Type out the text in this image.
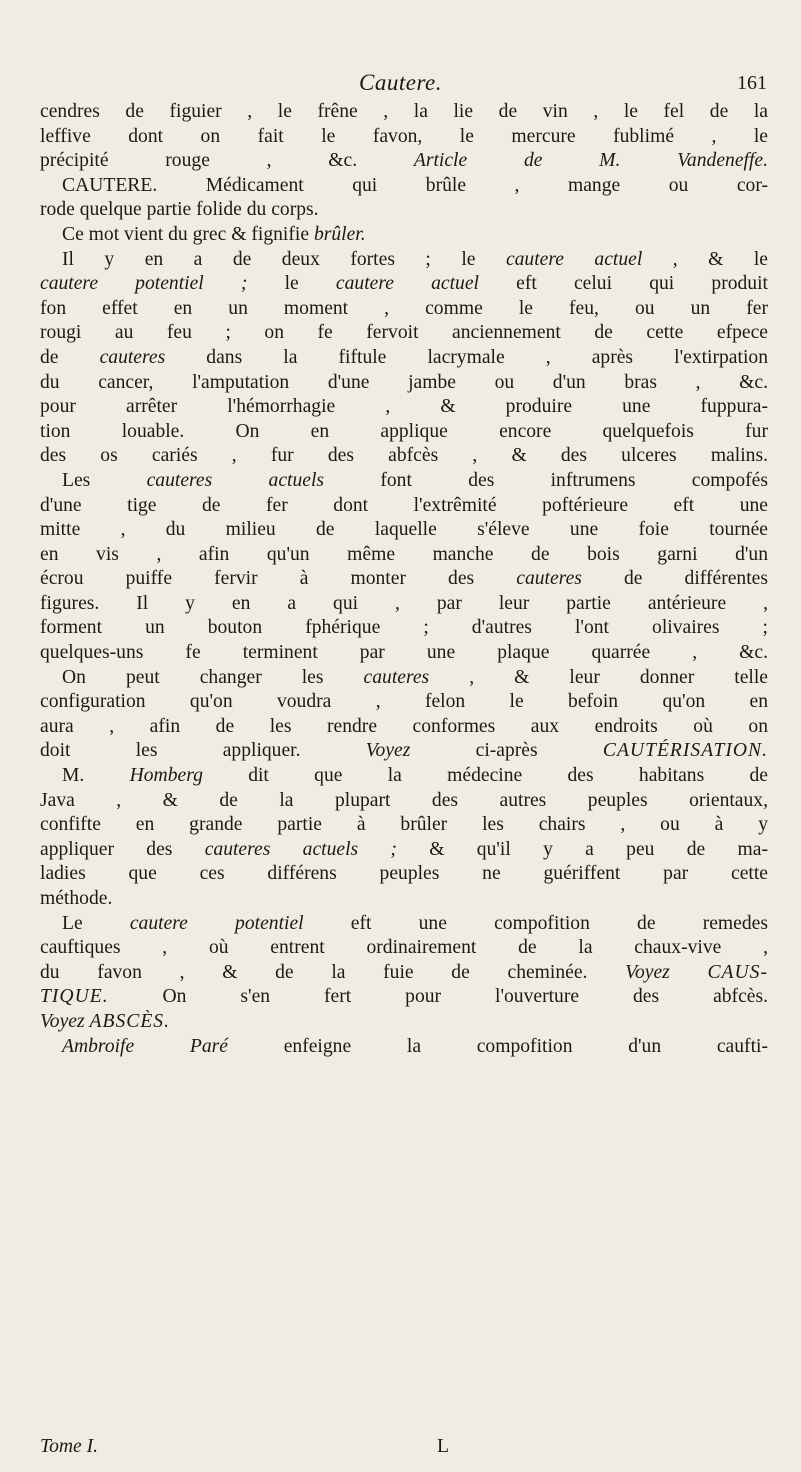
Cautere.	161
cendres de figuier , le frêne , la lie de vin , le fel de la
leffive dont on fait le favon, le mercure fublimé , le
précipité rouge , &c. Article de M. Vandeneffe.
CAUTERE. Médicament qui brûle , mange ou cor-
rode quelque partie folide du corps.
Ce mot vient du grec & fignifie brûler.
Il y en a de deux fortes ; le cautere actuel , & le
cautere potentiel ; le cautere actuel eft celui qui produit
fon effet en un moment , comme le feu, ou un fer
rougi au feu ; on fe fervoit anciennement de cette efpece
de cauteres dans la fiftule lacrymale , après l'extirpation
du cancer, l'amputation d'une jambe ou d'un bras , &c.
pour arrêter l'hémorrhagie , & produire une fuppura-
tion louable. On en applique encore quelquefois fur
des os cariés , fur des abfcès , & des ulceres malins.
Les cauteres actuels font des inftrumens compofés
d'une tige de fer dont l'extrêmité poftérieure eft une
mitte , du milieu de laquelle s'éleve une foie tournée
en vis , afin qu'un même manche de bois garni d'un
écrou puiffe fervir à monter des cauteres de différentes
figures. Il y en a qui , par leur partie antérieure ,
forment un bouton fphérique ; d'autres l'ont olivaires ;
quelques-uns fe terminent par une plaque quarrée , &c.
On peut changer les cauteres , & leur donner telle
configuration qu'on voudra , felon le befoin qu'on en
aura , afin de les rendre conformes aux endroits où on
doit les appliquer. Voyez ci-après CAUTÉRISATION.
M. Homberg dit que la médecine des habitans de
Java , & de la plupart des autres peuples orientaux,
confifte en grande partie à brûler les chairs , ou à y
appliquer des cauteres actuels ; & qu'il y a peu de ma-
ladies que ces différens peuples ne guériffent par cette
méthode.
Le cautere potentiel eft une compofition de remedes
cauftiques , où entrent ordinairement de la chaux-vive ,
du favon , & de la fuie de cheminée. Voyez CAUS-
TIQUE. On s'en fert pour l'ouverture des abfcès.
Voyez ABSCÈS.
Ambroife Paré enfeigne la compofition d'un caufti-
Tome I.	L
